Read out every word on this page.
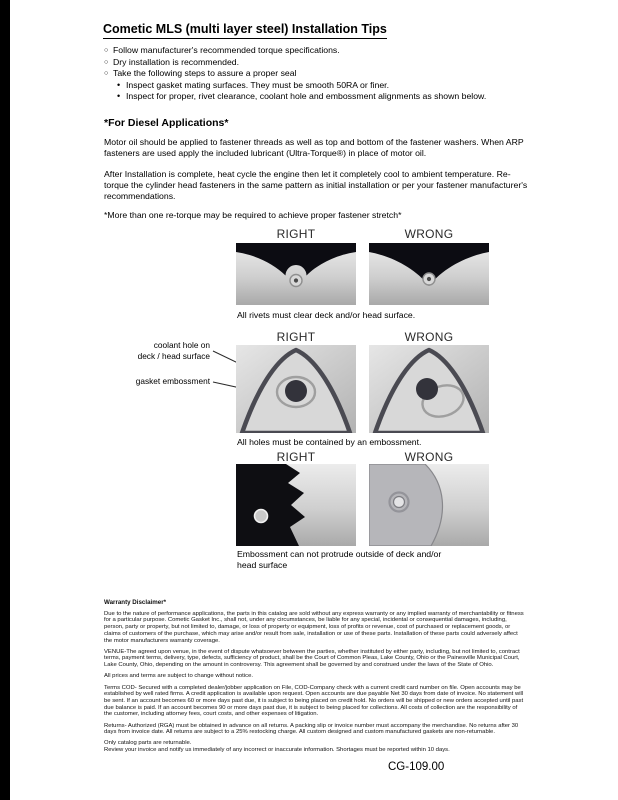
Cometic MLS (multi layer steel) Installation Tips
○ Follow manufacturer's recommended torque specifications.
○ Dry installation is recommended.
○ Take the following steps to assure a proper seal
• Inspect gasket mating surfaces. They must be smooth 50RA or finer.
• Inspect for proper, rivet clearance, coolant hole and embossment alignments as shown below.
*For Diesel Applications*
Motor oil should be applied to fastener threads as well as top and bottom of the fastener washers. When ARP fasteners are used apply the included lubricant (Ultra-Torque®) in place of motor oil.
After Installation is complete, heat cycle the engine then let it completely cool to ambient temperature. Re-torque the cylinder head fasteners in the same pattern as initial installation or per your fastener manufacturer's recommendations.
*More than one re-torque may be required to achieve proper fastener stretch*
RIGHT	WRONG
All rivets must clear deck and/or head surface.
RIGHT	WRONG
coolant hole on
deck / head surface
gasket embossment
All holes must be contained by an embossment.
RIGHT	WRONG
Embossment can not protrude outside of deck and/or head surface
Warranty Disclaimer*

Due to the nature of performance applications, the parts in this catalog are sold without any express warranty or any implied warranty of merchantability or fitness for a particular purpose. Cometic Gasket Inc., shall not, under any circumstances, be liable for any special, incidental or consequential damages, including, person, party or property, but not limited to, damage, or loss of property or equipment, loss of profits or revenue, cost of purchased or replacement goods, or claims of customers of the purchase, which may arise and/or result from sale, installation or use of these parts. Installation of these parts could adversely affect the motor manufacturers warranty coverage.

VENUE-The agreed upon venue, in the event of dispute whatsoever between the parties, whether instituted by either party, including, but not limited to, contract terms, payment terms, delivery, type, defects, sufficiency of product, shall be the Court of Common Pleas, Lake County, Ohio or the Painesville Municipal Court, Lake County, Ohio, depending on the amount in controversy. This agreement shall be governed by and construed under the laws of the State of Ohio.

All prices and terms are subject to change without notice.

Terms COD- Secured with a completed dealer/jobber application on File, COD-Company check with a current credit card number on file. Open accounts may be established by well rated firms. A credit application is available upon request. Open accounts are due payable Net 30 days from date of invoice. No statement will be sent. If an account becomes 60 or more days past due, it is subject to being placed on credit hold. No orders will be shipped or new orders accepted until past due balance is paid. If an account becomes 90 or more days past due, it is subject to being placed for collections. All costs of collection are the responsibility of the customer, including attorney fees, court costs, and other expenses of litigation.

Returns- Authorized (RGA) must be obtained in advance on all returns. A packing slip or invoice number must accompany the merchandise. No returns after 30 days from invoice date. All returns are subject to a 25% restocking charge. All custom designed and custom manufactured gaskets are non-returnable.

Only catalog parts are returnable.

Review your invoice and notify us immediately of any incorrect or inaccurate information. Shortages must be reported within 10 days.

CG-109.00
